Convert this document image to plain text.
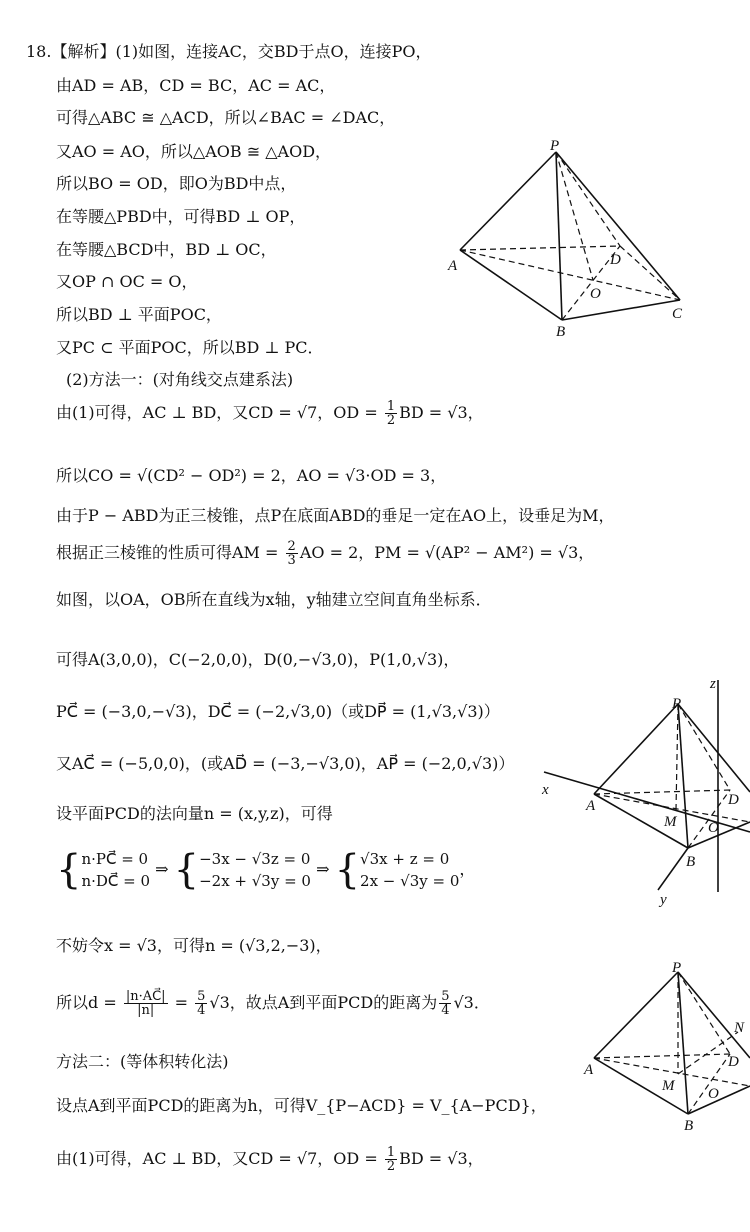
18.【解析】(1)如图，连接AC，交BD于点O，连接PO，
由AD = AB，CD = BC，AC = AC，
可得△ABC ≅ △ACD，所以∠BAC = ∠DAC，
又AO = AO，所以△AOB ≅ △AOD，
所以BO = OD，即O为BD中点，
在等腰△PBD中，可得BD ⊥ OP，
在等腰△BCD中，BD ⊥ OC，
又OP ∩ OC = O，
所以BD ⊥ 平面POC，
又PC ⊂ 平面POC，所以BD ⊥ PC．
(2)方法一：(对角线交点建系法)
所以CO = √(CD² − OD²) = 2，AO = √3·OD = 3，
由于P − ABD为正三棱锥，点P在底面ABD的垂足一定在AO上，设垂足为M，
如图，以OA，OB所在直线为x轴，y轴建立空间直角坐标系．
可得A(3,0,0)，C(−2,0,0)，D(0,−√3,0)，P(1,0,√3)，
PC⃗ = (−3,0,−√3)，DC⃗ = (−2,√3,0)（或DP⃗ = (1,√3,√3)）
又AC⃗ = (−5,0,0)，(或AD⃗ = (−3,−√3,0)，AP⃗ = (−2,0,√3)）
设平面PCD的法向量n = (x,y,z)，可得
不妨令x = √3，可得n = (√3,2,−3)，
方法二：(等体积转化法)
设点A到平面PCD的距离为h，可得V_{P−ACD} = V_{A−PCD}，
由(1)可得，AC ⊥ BD，又CD = √7，OD = $\frac{1}{2}$ BD = √3，
根据正三棱锥的性质可得AM = $\frac{2}{3}$ AO = 2，PM = √(AP² − AM²) = √3，
{n·PC⃗ = 0
n·DC⃗ = 0 ⇒ {−3x − √3z = 0
−2x + √3y = 0 ⇒ {√3x + z = 0
2x − √3y = 0，
所以$d = \frac{|n\cdot AC⃗|}{|n|} = \frac{5}{4} √3$，故点A到平面PCD的距离为 $\frac{5}{4} √3$．
由(1)可得，AC ⊥ BD，又CD = √7，OD = $\frac{1}{2}$ BD = √3，
P
A
B
C
D
O
z
P
x
A
M O
D
B
y
P
N
A
M O
D
B
